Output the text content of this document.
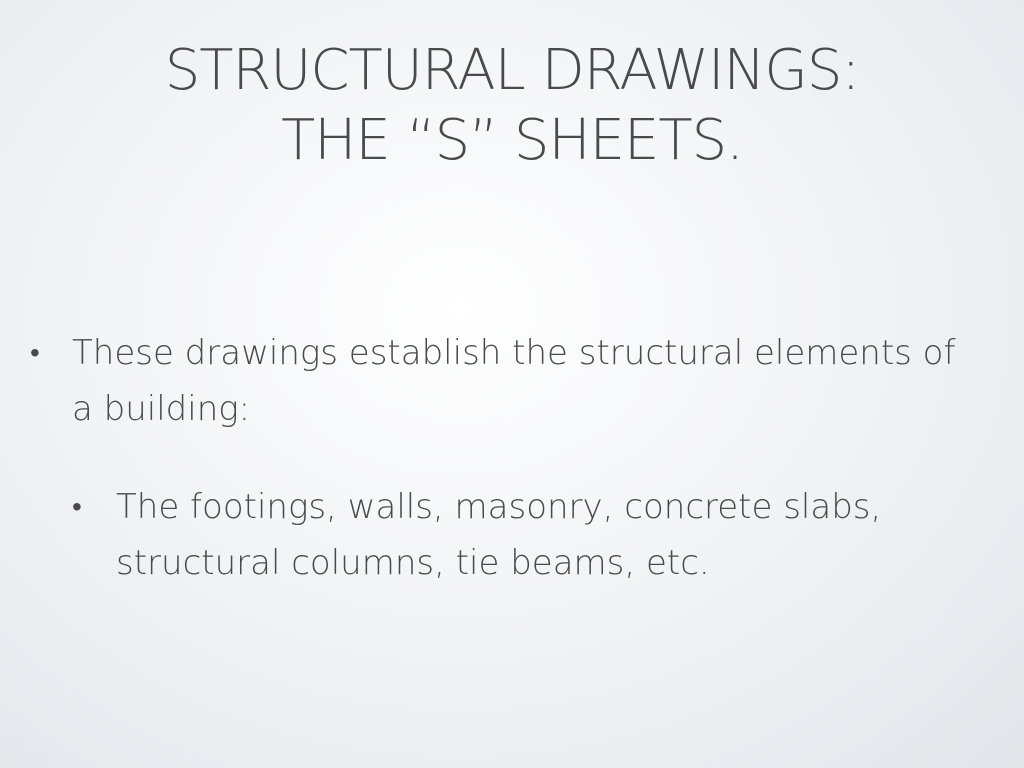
STRUCTURAL DRAWINGS:
THE “S” SHEETS.
• These drawings establish the structural elements of a building:
• The footings, walls, masonry, concrete slabs, structural columns, tie beams, etc.
